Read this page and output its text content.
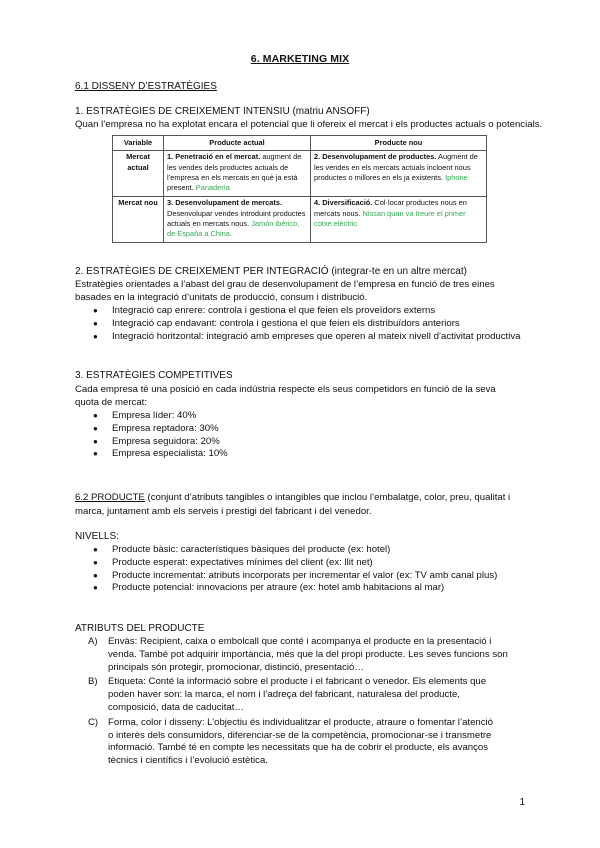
6. MARKETING MIX
6.1 DISSENY D’ESTRATÈGIES
1. ESTRATÈGIES DE CREIXEMENT INTENSIU (matriu ANSOFF)
Quan l’empresa no ha explotat encara el potencial que li ofereix el mercat i els productes actuals o potencials.
Variable	Producte actual	Producte nou
Mercat actual	1. Penetració en el mercat. augment de les vendes dels productes actuals de l’empresa en els mercats en què ja està present. Panadería	2. Desenvolupament de productes. Augment de les vendes en els mercats actuals incloent nous productes o millores en els ja existents. Iphone
Mercat nou	3. Desenvolupament de mercats. Desenvolupar vendes introduint productes actuals en mercats nous. Jamón ibérico, de España a China.	4. Diversificació. Col·locar productes nous en mercats nous. Nissan quan va treure el primer cotxe elèctric
2. ESTRATÈGIES DE CREIXEMENT PER INTEGRACIÓ (integrar-te en un altre mercat)
Estratègies orientades a l’abast del grau de desenvolupament de l’empresa en funció de tres eines
basades en la integració d’unitats de producció, consum i distribució.
● Integració cap enrere: controla i gestiona el que feien els proveïdors externs
● Integració cap endavant: controla i gestiona el que feien els distribuïdors anteriors
● Integració horitzontal: integració amb empreses que operen al mateix nivell d’activitat productiva
3. ESTRATÈGIES COMPETITIVES
Cada empresa té una posició en cada indústria respecte els seus competidors en funció de la seva
quota de mercat:
● Empresa líder: 40%
● Empresa reptadora: 30%
● Empresa seguidora: 20%
● Empresa especialista: 10%
6.2 PRODUCTE (conjunt d’atributs tangibles o intangibles que inclou l’embalatge, color, preu, qualitat i
marca, juntament amb els serveis i prestigi del fabricant i del venedor.
NIVELLS:
● Producte bàsic: característiques bàsiques del producte (ex: hotel)
● Producte esperat: expectatives mínimes del client (ex: llit net)
● Producte incrementat: atributs incorporats per incrementar el valor (ex: TV amb canal plus)
● Producte potencial: innovacions per atraure (ex: hotel amb habitacions al mar)
ATRIBUTS DEL PRODUCTE
A) Envàs: Recipient, caixa o embolcall que conté i acompanya el producte en la presentació i
venda. També pot adquirir importància, més que la del propi producte. Les seves funcions son
principals són protegir, promocionar, distinció, presentació…
B) Etiqueta: Conté la informació sobre el producte i el fabricant o venedor. Els elements que
poden haver son: la marca, el nom i l’adreça del fabricant, naturalesa del producte,
composició, data de caducitat…
C) Forma, color i disseny: L’objectiu és individualitzar el producte, atraure o fomentar l’atenció
o interès dels consumidors, diferenciar-se de la competència, promocionar-se i transmetre
informació. També té en compte les necessitats que ha de cobrir el producte, els avanços
tècnics i científics i l’evolució estètica.
1
